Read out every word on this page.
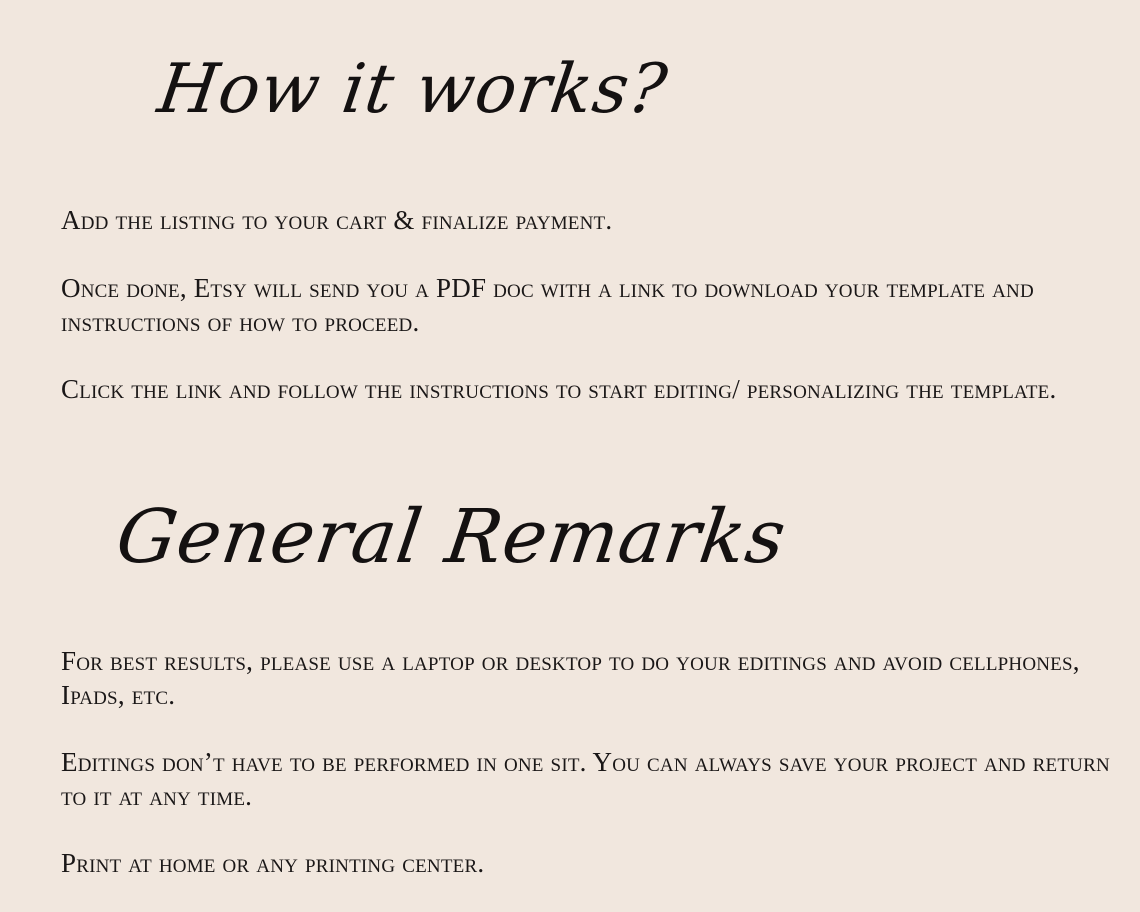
How it works?

Add the listing to your cart & finalize payment.

Once done, Etsy will send you a PDF doc with a link to download your template and instructions of how to proceed.

Click the link and follow the instructions to start editing/ personalizing the template.

General Remarks

For best results, please use a laptop or desktop to do your editings and avoid cellphones, Ipads, etc.

Editings don’t have to be performed in one sit. You can always save your project and return to it at any time.

Print at home or any printing center.
